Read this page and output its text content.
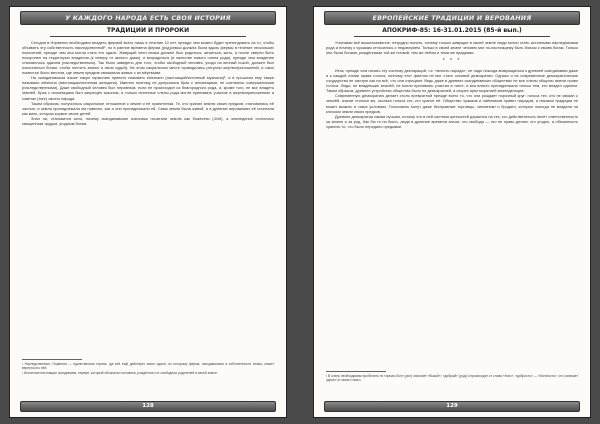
У КАЖДОГО НАРОДА ЕСТЬ СВОЯ ИСТОРИЯ
ТРАДИЦИИ И ПРОРОКИ

Сегодня в Норвегии необходимо владеть фермой всего лишь в течение 10 лет, прежде чем можно будет претендовать на то, чтобы объявить эту собственность наследственной¹, но в ранние времена ферма (род)семьи должна была вдоль фермы в течение нескольких поколений, прежде чем она могла стать его одаль. Живущий член семьи должен был родиться, жениться, жить, а после смерти быть похоронен на территории владения (к северу от жилого дома), и возродиться (в качестве нового члена рода), прежде чем владение становилось одалем (наследственным). Так было заведено для того, чтобы свободный человек, уходя на вечный покой, должен был поклоняться богам, чтобы почтить землю и свою судьбу. На этом сакральном месте проводились ритуалы жертвоприношений, и само поместье было местом, где земля предков связывала живых с их мёртвыми.

На скандинавском языке такую гармонию принято называть ekismann (настоящий/истинный мужчина)², а в прошлом ему также называли ekiskona (настоящая/истинная женщина). Именно поэтому не допускался брак с иноземцами, не считались совершенными (наследственными). Даже свободный человек был неравным, если не происходил из благородного рода, и, кроме того, не мог владеть землёй. Брак с иноземцами был запрещён законом, и только истинные члены рода могли принимать участие в жертвоприношениях и советах (тинг) своего народа.

Таким образом, получилось сакральное отношение к земле и её хранителям. Те, кто хранил землю своих предков, становились её частью, и земля принадлежала им навечно, как и они принадлежали ей. Сама земля была живой, и в древних верованиях её почитали как мать, которая кормит своих детей.

Знал ли, становится ясно, почему скандинавские язычники почитали землю как божество (Jörð), а земледелие считалось священным трудом, угодным богам.

¹ Наследственное, Норвегия — единственная страна, где всё ещё действует закон одаля, по которому ферма, находившаяся в собственности семьи, может вернуться к ней.

² Истинные/настоящие скандинавы: термин, который обозначал человека, рождённого от свободных родителей в своей земле.

128
ЕВРОПЕЙСКИЕ ТРАДИЦИИ И ВЕРОВАНИЯ
АПОКРИФ-85: 16-31.01.2015 (85-й вып.)

Учитывая всё вышесказанное, нетрудно понять, почему только живущие в своей земле люди могли стать истинными наследниками рода и почему к чужакам относились с недоверием. Только в своей земле человек мог по-настоящему быть близок к своим богам. Только они были богами, рождёнными той же почвой, тем же небом и теми же предками.

* * *

Итак, прежде чем начать эту систему деклараций, т.е. «власть народа», не надо никогда возвращаться к древней скандинавии даже и к каждой линии права голоса, поэтому этот фантом не мог стать основой демократии. Однако я на современные демократические государства не смотрю как на всё, что они отрицают. Ведь даже в древних скандинавских обществах не все члены общины имели право голоса. Люди, не владевшие землёй, не могли принимать участия в тинге, и вся власть принадлежала только тем, кто владел одалем. Таким образом, древнее устройство общества было не демократией, а скорее аристократией земледельцев.

Современную демократию делает столь превратной прежде всего то, что она рождает порочный круг: голоса тех, кто не связан с землёй, значат столько же, сколько голоса тех, кто хранит её. Общество чужаков и наёмников правит народом, и никакая традиция не может выжить в таких условиях. Голосовать могут даже бесправные торговцы, чиновники и бродяги, которые никогда не владели ни клочком земли своих предков.

Древняя демократия самая лучшая, потому что в ней система ценностей держится на тех, кто действительно несёт ответственность за землю и за род. Как бы то ни было, люди в древние времена знали, что свобода — это не право делать что угодно, а обязанность хранить то, что было передано предками.

¹ В очень необходимом пробелить «и тормах-бол» (рол) означает «быкой», «добрый» (род) и происходят от слова «ñого», «добрость» — «богатость», что означает одного от своего свого.

129
